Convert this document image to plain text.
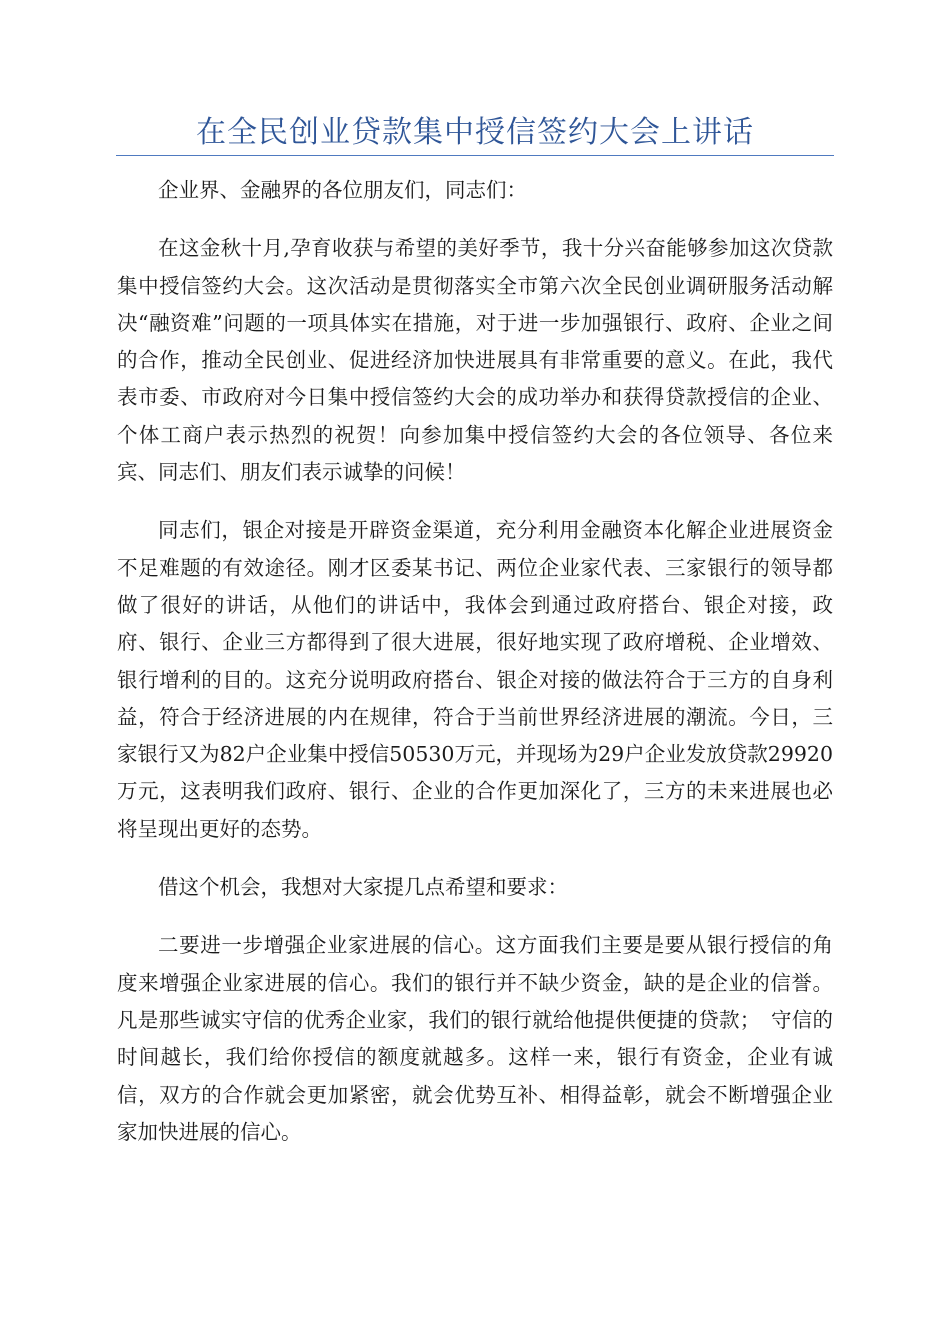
在全民创业贷款集中授信签约大会上讲话

企业界、金融界的各位朋友们，同志们：

在这金秋十月,孕育收获与希望的美好季节，我十分兴奋能够参加这次贷款集中授信签约大会。这次活动是贯彻落实全市第六次全民创业调研服务活动解决“融资难”问题的一项具体实在措施，对于进一步加强银行、政府、企业之间的合作，推动全民创业、促进经济加快进展具有非常重要的意义。在此，我代表市委、市政府对今日集中授信签约大会的成功举办和获得贷款授信的企业、个体工商户表示热烈的祝贺！向参加集中授信签约大会的各位领导、各位来宾、同志们、朋友们表示诚挚的问候！

同志们，银企对接是开辟资金渠道，充分利用金融资本化解企业进展资金不足难题的有效途径。刚才区委某书记、两位企业家代表、三家银行的领导都做了很好的讲话，从他们的讲话中，我体会到通过政府搭台、银企对接，政府、银行、企业三方都得到了很大进展，很好地实现了政府增税、企业增效、银行增利的目的。这充分说明政府搭台、银企对接的做法符合于三方的自身利益，符合于经济进展的内在规律，符合于当前世界经济进展的潮流。今日，三家银行又为82户企业集中授信50530万元，并现场为29户企业发放贷款29920万元，这表明我们政府、银行、企业的合作更加深化了，三方的未来进展也必将呈现出更好的态势。

借这个机会，我想对大家提几点希望和要求：

二要进一步增强企业家进展的信心。这方面我们主要是要从银行授信的角度来增强企业家进展的信心。我们的银行并不缺少资金，缺的是企业的信誉。凡是那些诚实守信的优秀企业家，我们的银行就给他提供便捷的贷款；　守信的时间越长，我们给你授信的额度就越多。这样一来，银行有资金，企业有诚信，双方的合作就会更加紧密，就会优势互补、相得益彰，就会不断增强企业家加快进展的信心。
